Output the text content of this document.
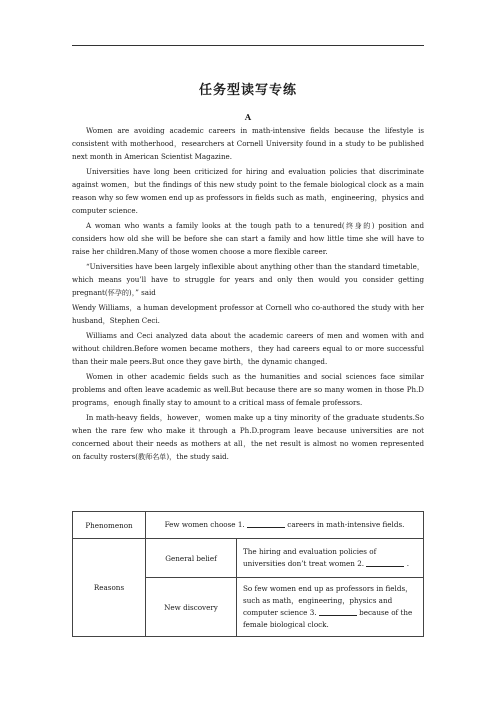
任务型读写专练
A

Women are avoiding academic careers in math-intensive fields because the lifestyle is consistent with motherhood，researchers at Cornell University found in a study to be published next month in American Scientist Magazine.

Universities have long been criticized for hiring and evaluation policies that discriminate against women，but the findings of this new study point to the female biological clock as a main reason why so few women end up as professors in fields such as math，engineering，physics and computer science.

A woman who wants a family looks at the tough path to a tenured(终身的) position and considers how old she will be before she can start a family and how little time she will have to raise her children.Many of those women choose a more flexible career.

“Universities have been largely inflexible about anything other than the standard timetable，which means you’ll have to struggle for years and only then would you consider getting pregnant(怀孕的)，” said

Wendy Williams，a human development professor at Cornell who co-authored the study with her husband，Stephen Ceci.

Williams and Ceci analyzed data about the academic careers of men and women with and without children.Before women became mothers，they had careers equal to or more successful than their male peers.But once they gave birth，the dynamic changed.

Women in other academic fields such as the humanities and social sciences face similar problems and often leave academic as well.But because there are so many women in those Ph.D programs，enough finally stay to amount to a critical mass of female professors.

In math-heavy fields，however，women make up a tiny minority of the graduate students.So when the rare few who make it through a Ph.D.program leave because universities are not concerned about their needs as mothers at all，the net result is almost no women represented on faculty rosters(教师名单)，the study said.

Phenomenon	Few women choose 1. careers in math-intensive fields.	
Reasons	General belief	The hiring and evaluation policies of universities don’t treat women 2. .
	New discovery	So few women end up as professors in fields，such as math，engineering，physics and computer science 3. because of the female biological clock.
